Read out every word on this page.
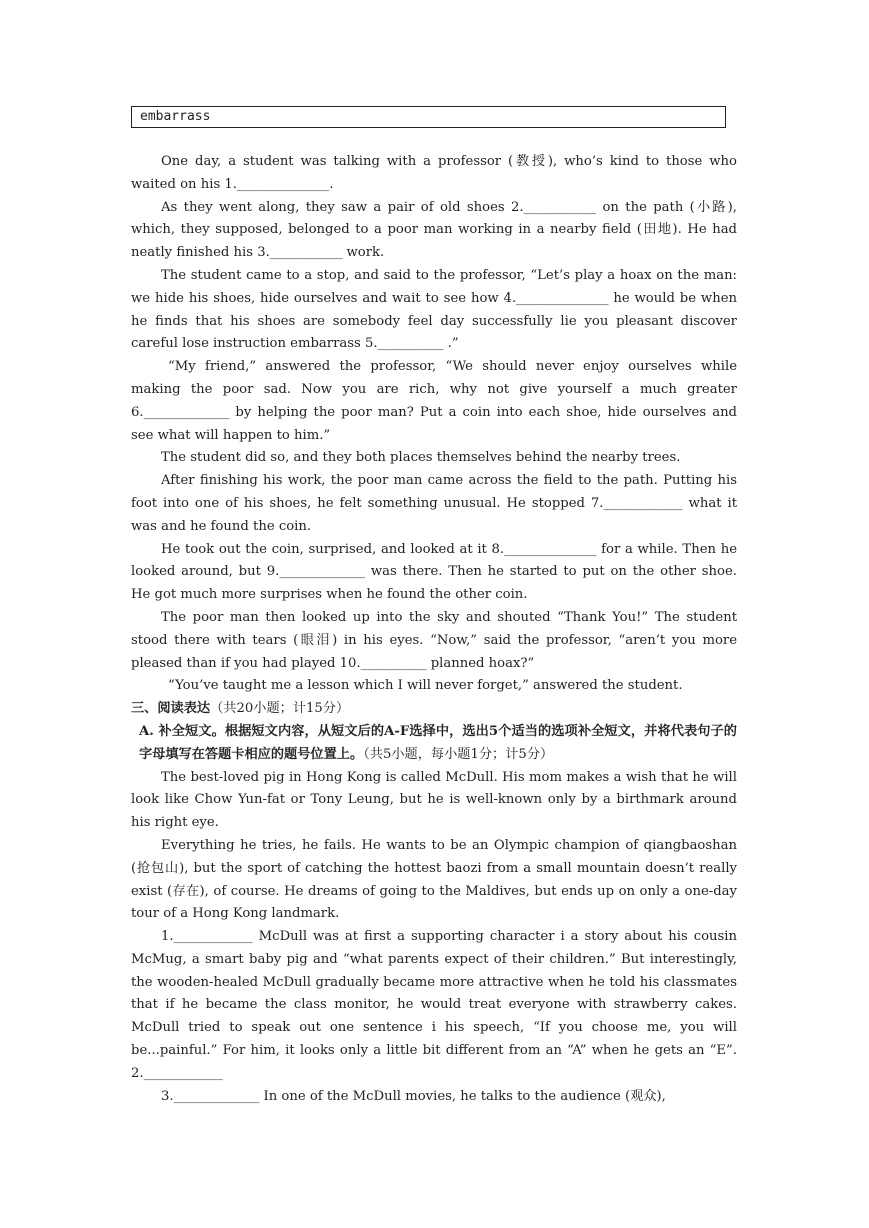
embarrass

One day, a student was talking with a professor (教授), who’s kind to those who waited on his 1.______________.

As they went along, they saw a pair of old shoes 2.___________ on the path (小路), which, they supposed, belonged to a poor man working in a nearby field (田地). He had neatly finished his 3.___________ work.

The student came to a stop, and said to the professor, “Let’s play a hoax on the man: we hide his shoes, hide ourselves and wait to see how 4.______________ he would be when he finds that his shoes are somebody feel day successfully lie you pleasant discover careful lose instruction embarrass 5.__________ .”

“My friend,” answered the professor, “We should never enjoy ourselves while making the poor sad. Now you are rich, why not give yourself a much greater 6._____________ by helping the poor man? Put a coin into each shoe, hide ourselves and see what will happen to him.”

The student did so, and they both places themselves behind the nearby trees.

After finishing his work, the poor man came across the field to the path. Putting his foot into one of his shoes, he felt something unusual. He stopped 7.____________ what it was and he found the coin.

He took out the coin, surprised, and looked at it 8.______________ for a while. Then he looked around, but 9._____________ was there. Then he started to put on the other shoe. He got much more surprises when he found the other coin.

The poor man then looked up into the sky and shouted “Thank You!” The student stood there with tears (眼泪) in his eyes. “Now,” said the professor, “aren’t you more pleased than if you had played 10.__________ planned hoax?”

“You’ve taught me a lesson which I will never forget,” answered the student.

三、阅读表达（共20小题；计15分）

A. 补全短文。根据短文内容，从短文后的A-F选择中，选出5个适当的选项补全短文，并将代表句子的字母填写在答题卡相应的题号位置上。（共5小题，每小题1分；计5分）

The best-loved pig in Hong Kong is called McDull. His mom makes a wish that he will look like Chow Yun-fat or Tony Leung, but he is well-known only by a birthmark around his right eye.

Everything he tries, he fails. He wants to be an Olympic champion of qiangbaoshan (抢包山), but the sport of catching the hottest baozi from a small mountain doesn’t really exist (存在), of course. He dreams of going to the Maldives, but ends up on only a one-day tour of a Hong Kong landmark.

1.____________ McDull was at first a supporting character i a story about his cousin McMug, a smart baby pig and “what parents expect of their children.” But interestingly, the wooden-healed McDull gradually became more attractive when he told his classmates that if he became the class monitor, he would treat everyone with strawberry cakes. McDull tried to speak out one sentence i his speech, “If you choose me, you will be...painful.” For him, it looks only a little bit different from an “A” when he gets an “E”. 2.____________

3._____________ In one of the McDull movies, he talks to the audience (观众),
